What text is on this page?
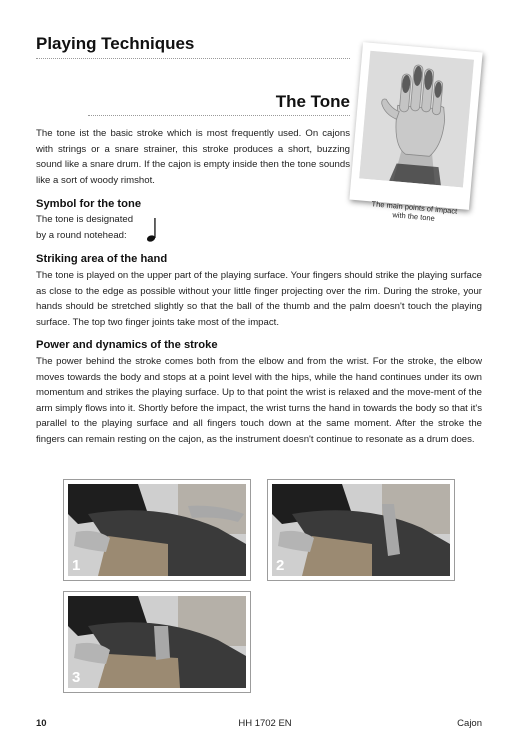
Playing Techniques
The main points of impact with the tone
The Tone
The tone ist the basic stroke which is most frequently used. On cajons with strings or a snare strainer, this stroke produces a short, buzzing sound like a snare drum. If the cajon is empty inside then the tone sounds like a sort of woody rimshot.
Symbol for the tone
The tone is designated
by a round notehead:
Striking area of the hand
The tone is played on the upper part of the playing surface. Your fingers should strike the playing surface as close to the edge as possible without your little finger projecting over the rim. During the stroke, your hands should be stretched slightly so that the ball of the thumb and the palm doesn't touch the playing surface. The top two finger joints take most of the impact.
Power and dynamics of the stroke
The power behind the stroke comes both from the elbow and from the wrist. For the stroke, the elbow moves towards the body and stops at a point level with the hips, while the hand continues under its own momentum and strikes the playing surface. Up to that point the wrist is relaxed and the move-ment of the arm simply flows into it. Shortly before the impact, the wrist turns the hand in towards the body so that it's parallel to the playing surface and all fingers touch down at the same moment. After the stroke the fingers can remain resting on the cajon, as the instrument doesn't continue to resonate as a drum does.
1	2
3
10	HH 1702 EN	Cajon
